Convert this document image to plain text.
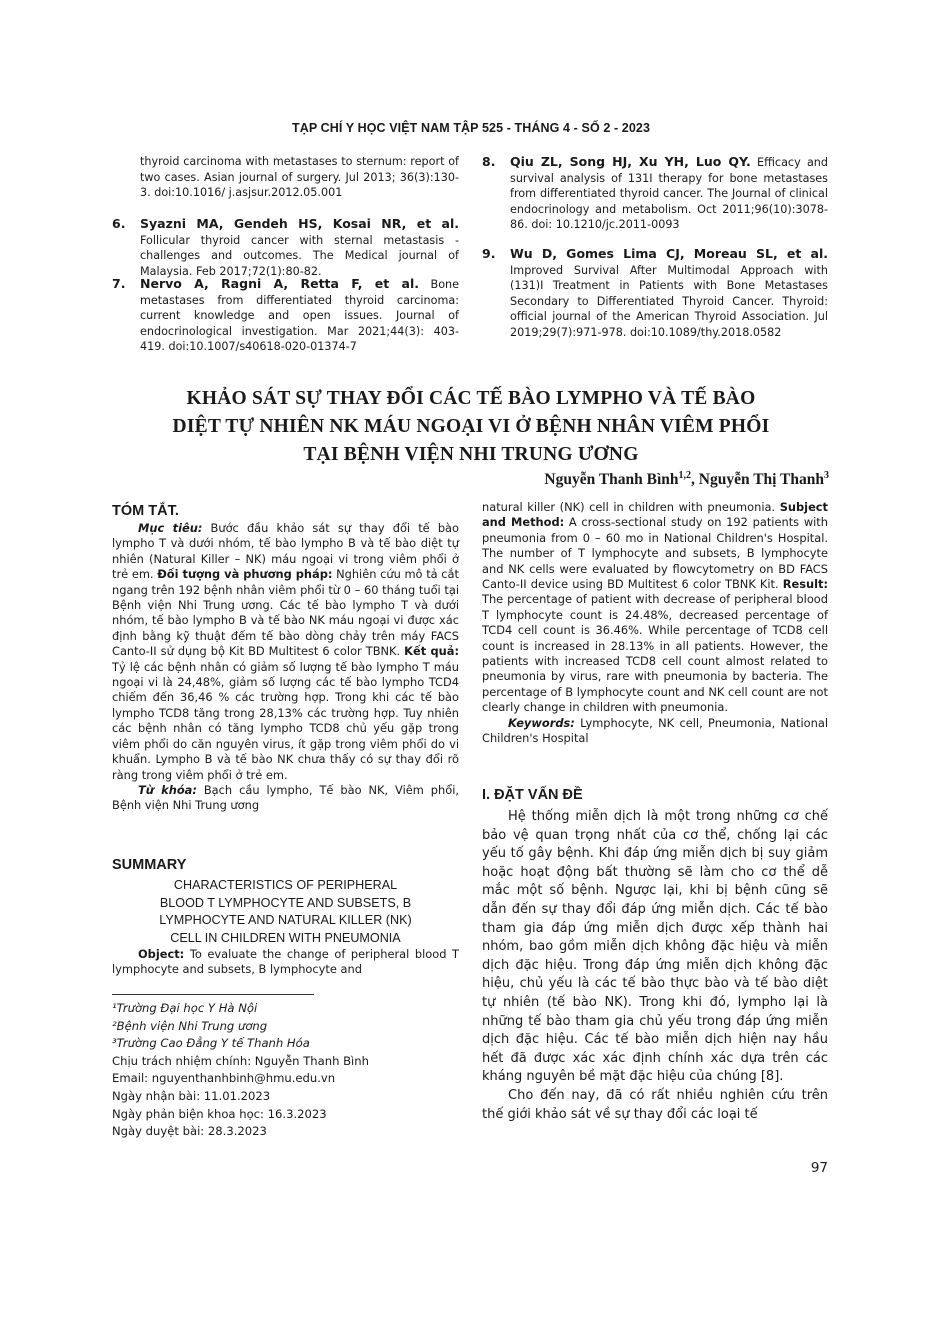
TẠP CHÍ Y HỌC VIỆT NAM TẬP 525 - THÁNG 4 - SỐ 2 - 2023
thyroid carcinoma with metastases to sternum: report of two cases. Asian journal of surgery. Jul 2013; 36(3):130-3. doi:10.1016/ j.asjsur.2012.05.001
6. Syazni MA, Gendeh HS, Kosai NR, et al. Follicular thyroid cancer with sternal metastasis - challenges and outcomes. The Medical journal of Malaysia. Feb 2017;72(1):80-82.
7. Nervo A, Ragni A, Retta F, et al. Bone metastases from differentiated thyroid carcinoma: current knowledge and open issues. Journal of endocrinological investigation. Mar 2021;44(3): 403-419. doi:10.1007/s40618-020-01374-7
8. Qiu ZL, Song HJ, Xu YH, Luo QY. Efficacy and survival analysis of 131I therapy for bone metastases from differentiated thyroid cancer. The Journal of clinical endocrinology and metabolism. Oct 2011;96(10):3078-86. doi: 10.1210/jc.2011-0093
9. Wu D, Gomes Lima CJ, Moreau SL, et al. Improved Survival After Multimodal Approach with (131)I Treatment in Patients with Bone Metastases Secondary to Differentiated Thyroid Cancer. Thyroid: official journal of the American Thyroid Association. Jul 2019;29(7):971-978. doi:10.1089/thy.2018.0582
KHẢO SÁT SỰ THAY ĐỔI CÁC TẾ BÀO LYMPHO VÀ TẾ BÀO
DIỆT TỰ NHIÊN NK MÁU NGOẠI VI Ở BỆNH NHÂN VIÊM PHỔI
TẠI BỆNH VIỆN NHI TRUNG ƯƠNG
Nguyễn Thanh Bình$^{1,2}$, Nguyễn Thị Thanh$^3$
TÓM TẮT.
Mục tiêu: Bước đầu khảo sát sự thay đổi tế bào lympho T và dưới nhóm, tế bào lympho B và tế bào diệt tự nhiên (Natural Killer – NK) máu ngoại vi trong viêm phổi ở trẻ em. Đối tượng và phương pháp: Nghiên cứu mô tả cắt ngang trên 192 bệnh nhân viêm phổi từ 0 – 60 tháng tuổi tại Bệnh viện Nhi Trung ương. Các tế bào lympho T và dưới nhóm, tế bào lympho B và tế bào NK máu ngoại vi được xác định bằng kỹ thuật đếm tế bào dòng chảy trên máy FACS Canto-II sử dụng bộ Kit BD Multitest 6 color TBNK. Kết quả: Tỷ lệ các bệnh nhân có giảm số lượng tế bào lympho T máu ngoại vi là 24,48%, giảm số lượng các tế bào lympho TCD4 chiếm đến 36,46 % các trường hợp. Trong khi các tế bào lympho TCD8 tăng trong 28,13% các trường hợp. Tuy nhiên các bệnh nhân có tăng lympho TCD8 chủ yếu gặp trong viêm phổi do căn nguyên virus, ít gặp trong viêm phổi do vi khuẩn. Lympho B và tế bào NK chưa thấy có sự thay đổi rõ ràng trong viêm phổi ở trẻ em.
Từ khóa: Bạch cầu lympho, Tế bào NK, Viêm phổi, Bệnh viện Nhi Trung ương
SUMMARY
CHARACTERISTICS OF PERIPHERAL
BLOOD T LYMPHOCYTE AND SUBSETS, B
LYMPHOCYTE AND NATURAL KILLER (NK)
CELL IN CHILDREN WITH PNEUMONIA
Object: To evaluate the change of peripheral blood T lymphocyte and subsets, B lymphocyte and
¹Trường Đại học Y Hà Nội
²Bệnh viện Nhi Trung ương
³Trường Cao Đẳng Y tế Thanh Hóa
Chịu trách nhiệm chính: Nguyễn Thanh Bình
Email: nguyenthanhbinh@hmu.edu.vn
Ngày nhận bài: 11.01.2023
Ngày phản biện khoa học: 16.3.2023
Ngày duyệt bài: 28.3.2023
natural killer (NK) cell in children with pneumonia. Subject and Method: A cross-sectional study on 192 patients with pneumonia from 0 – 60 mo in National Children's Hospital. The number of T lymphocyte and subsets, B lymphocyte and NK cells were evaluated by flowcytometry on BD FACS Canto-II device using BD Multitest 6 color TBNK Kit. Result: The percentage of patient with decrease of peripheral blood T lymphocyte count is 24.48%, decreased percentage of TCD4 cell count is 36.46%. While percentage of TCD8 cell count is increased in 28.13% in all patients. However, the patients with increased TCD8 cell count almost related to pneumonia by virus, rare with pneumonia by bacteria. The percentage of B lymphocyte count and NK cell count are not clearly change in children with pneumonia.
Keywords: Lymphocyte, NK cell, Pneumonia, National Children's Hospital
I. ĐẶT VẤN ĐỀ
Hệ thống miễn dịch là một trong những cơ chế bảo vệ quan trọng nhất của cơ thể, chống lại các yếu tố gây bệnh. Khi đáp ứng miễn dịch bị suy giảm hoặc hoạt động bất thường sẽ làm cho cơ thể dễ mắc một số bệnh. Ngược lại, khi bị bệnh cũng sẽ dẫn đến sự thay đổi đáp ứng miễn dịch. Các tế bào tham gia đáp ứng miễn dịch được xếp thành hai nhóm, bao gồm miễn dịch không đặc hiệu và miễn dịch đặc hiệu. Trong đáp ứng miễn dịch không đặc hiệu, chủ yếu là các tế bào thực bào và tế bào diệt tự nhiên (tế bào NK). Trong khi đó, lympho lại là những tế bào tham gia chủ yếu trong đáp ứng miễn dịch đặc hiệu. Các tế bào miễn dịch hiện nay hầu hết đã được xác xác định chính xác dựa trên các kháng nguyên bề mặt đặc hiệu của chúng [8].
Cho đến nay, đã có rất nhiều nghiên cứu trên thế giới khảo sát về sự thay đổi các loại tế
97
